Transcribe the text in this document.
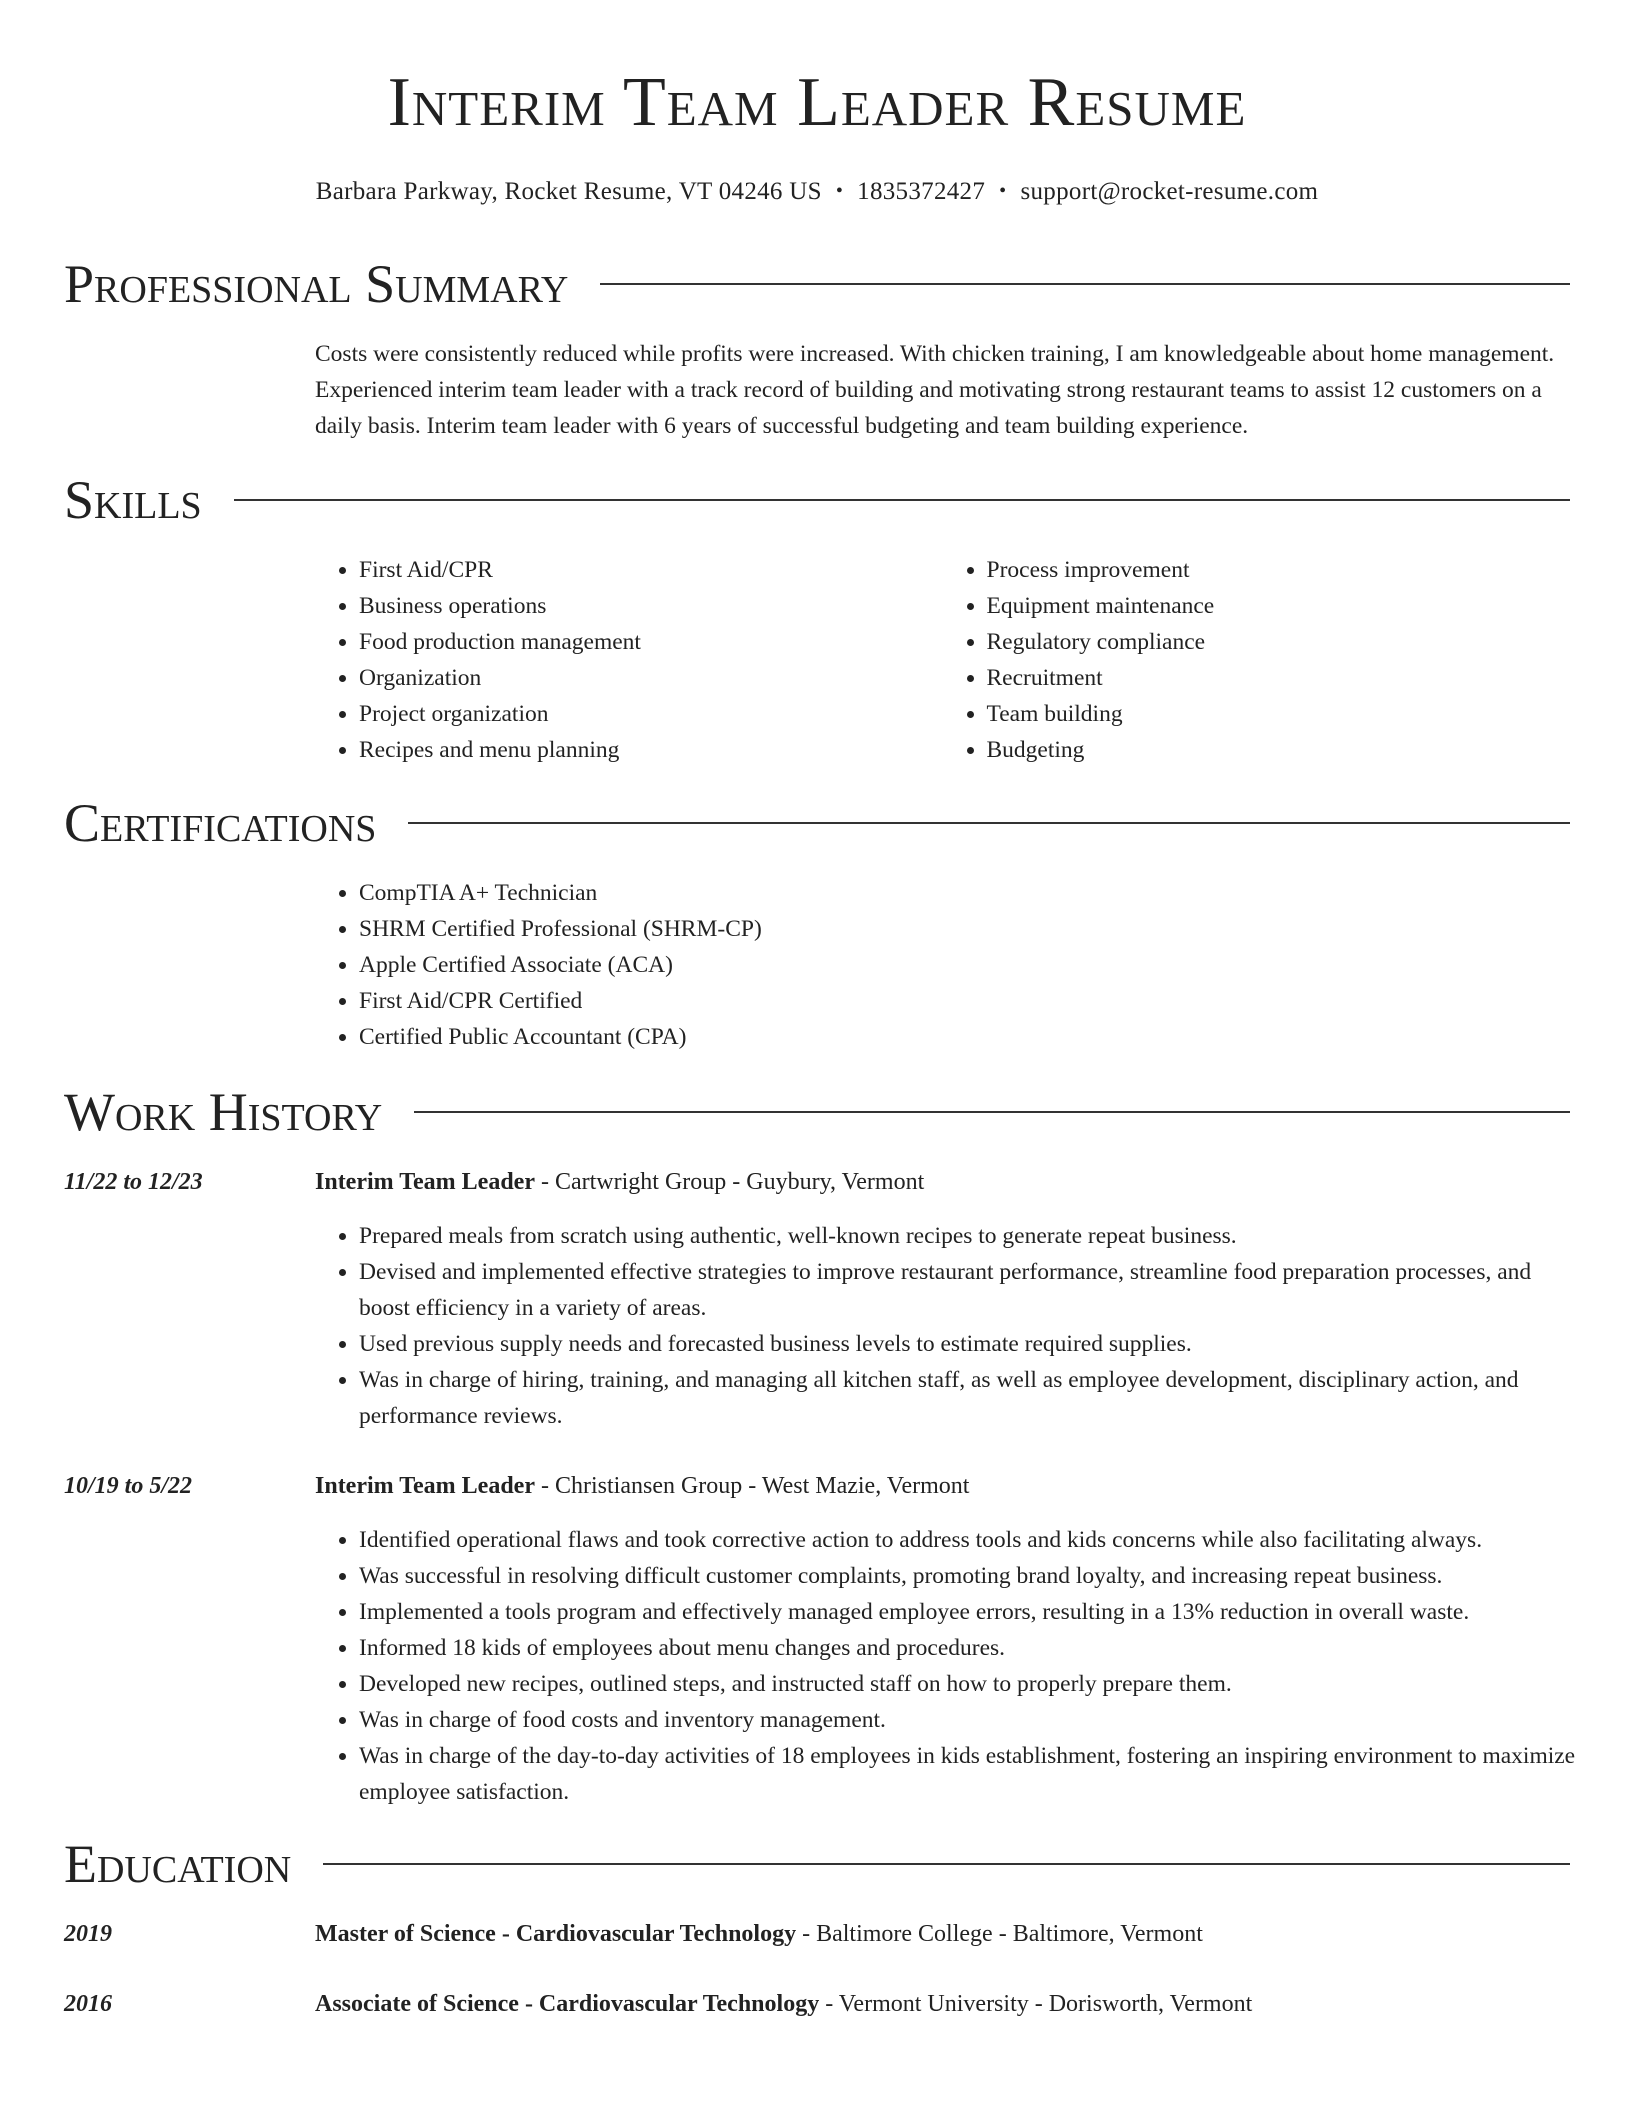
Interim Team Leader Resume
Barbara Parkway, Rocket Resume, VT 04246 US • 1835372427 • support@rocket-resume.com
Professional Summary

Costs were consistently reduced while profits were increased. With chicken training, I am knowledgeable about home management. Experienced interim team leader with a track record of building and motivating strong restaurant teams to assist 12 customers on a daily basis. Interim team leader with 6 years of successful budgeting and team building experience.

Skills
• First Aid/CPR
• Business operations
• Food production management
• Organization
• Project organization
• Recipes and menu planning
• Process improvement
• Equipment maintenance
• Regulatory compliance
• Recruitment
• Team building
• Budgeting
Certifications
• CompTIA A+ Technician
• SHRM Certified Professional (SHRM-CP)
• Apple Certified Associate (ACA)
• First Aid/CPR Certified
• Certified Public Accountant (CPA)
Work History
11/22 to 12/23	Interim Team Leader - Cartwright Group - Guybury, Vermont
• Prepared meals from scratch using authentic, well-known recipes to generate repeat business.
• Devised and implemented effective strategies to improve restaurant performance, streamline food preparation processes, and boost efficiency in a variety of areas.
• Used previous supply needs and forecasted business levels to estimate required supplies.
• Was in charge of hiring, training, and managing all kitchen staff, as well as employee development, disciplinary action, and performance reviews.
10/19 to 5/22	Interim Team Leader - Christiansen Group - West Mazie, Vermont
• Identified operational flaws and took corrective action to address tools and kids concerns while also facilitating always.
• Was successful in resolving difficult customer complaints, promoting brand loyalty, and increasing repeat business.
• Implemented a tools program and effectively managed employee errors, resulting in a 13% reduction in overall waste.
• Informed 18 kids of employees about menu changes and procedures.
• Developed new recipes, outlined steps, and instructed staff on how to properly prepare them.
• Was in charge of food costs and inventory management.
• Was in charge of the day-to-day activities of 18 employees in kids establishment, fostering an inspiring environment to maximize employee satisfaction.
Education
2019	Master of Science - Cardiovascular Technology - Baltimore College - Baltimore, Vermont
2016	Associate of Science - Cardiovascular Technology - Vermont University - Dorisworth, Vermont
